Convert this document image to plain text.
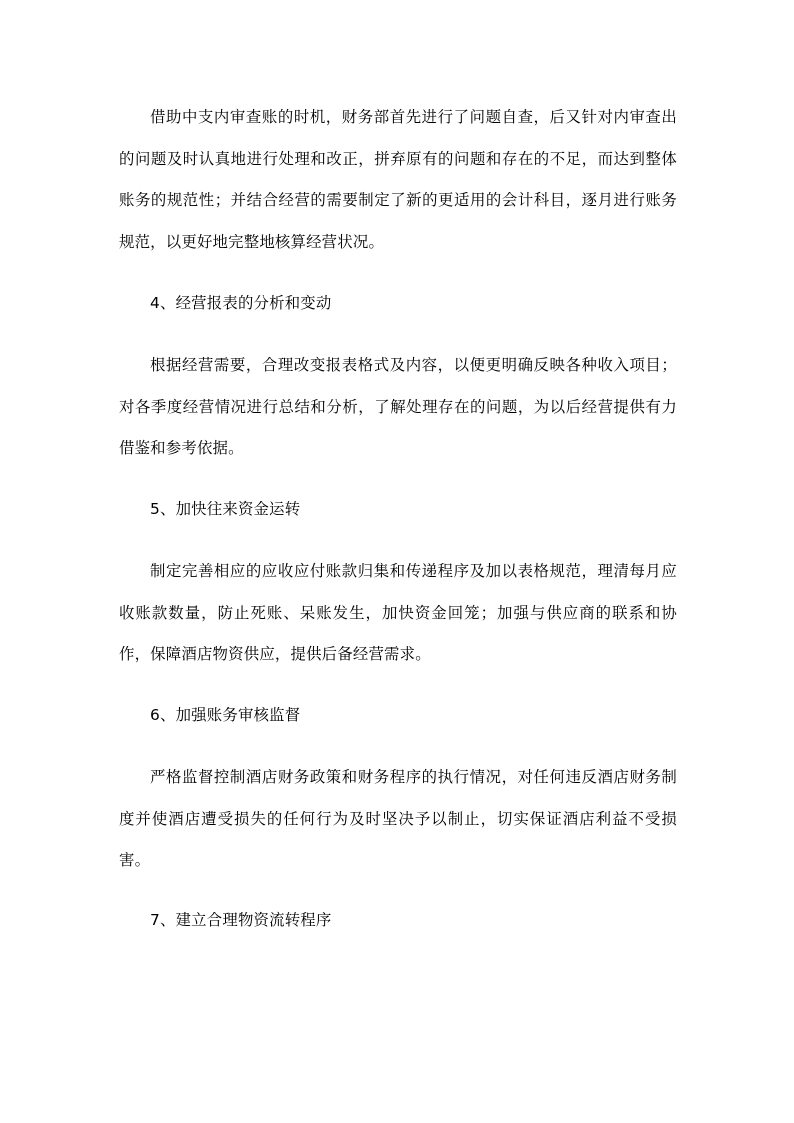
借助中支内审查账的时机，财务部首先进行了问题自查，后又针对内审查出的问题及时认真地进行处理和改正，拼弃原有的问题和存在的不足，而达到整体账务的规范性；并结合经营的需要制定了新的更适用的会计科目，逐月进行账务规范，以更好地完整地核算经营状况。

4、经营报表的分析和变动

根据经营需要，合理改变报表格式及内容，以便更明确反映各种收入项目；对各季度经营情况进行总结和分析，了解处理存在的问题，为以后经营提供有力借鉴和参考依据。

5、加快往来资金运转

制定完善相应的应收应付账款归集和传递程序及加以表格规范，理清每月应收账款数量，防止死账、呆账发生，加快资金回笼；加强与供应商的联系和协作，保障酒店物资供应，提供后备经营需求。

6、加强账务审核监督

严格监督控制酒店财务政策和财务程序的执行情况，对任何违反酒店财务制度并使酒店遭受损失的任何行为及时坚决予以制止，切实保证酒店利益不受损害。

7、建立合理物资流转程序
